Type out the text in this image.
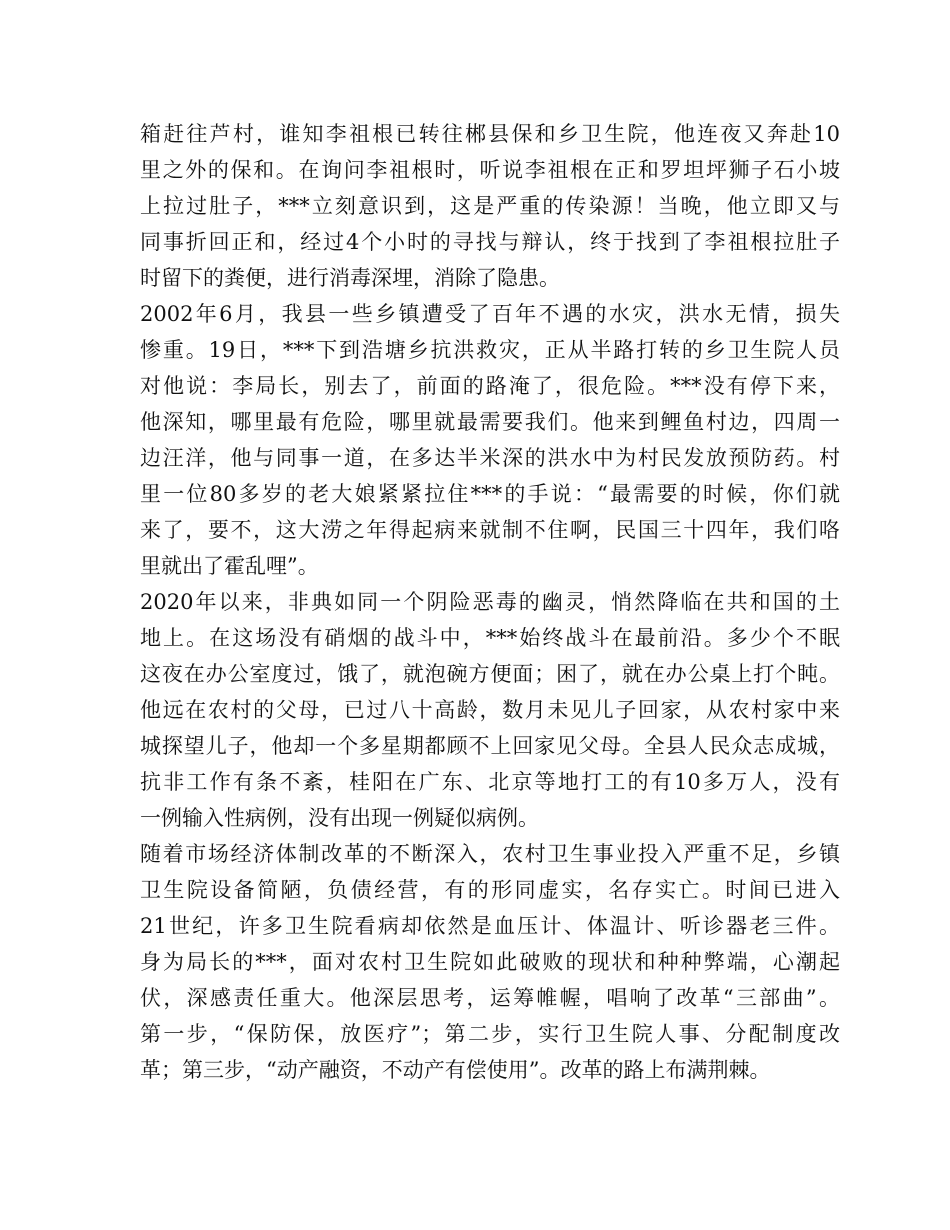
箱赶往芦村，谁知李祖根已转往郴县保和乡卫生院，他连夜又奔赴10
里之外的保和。在询问李祖根时，听说李祖根在正和罗坦坪狮子石小坡
上拉过肚子，***立刻意识到，这是严重的传染源！当晚，他立即又与
同事折回正和，经过4个小时的寻找与辩认，终于找到了李祖根拉肚子
时留下的粪便，进行消毒深埋，消除了隐患。
2002年6月，我县一些乡镇遭受了百年不遇的水灾，洪水无情，损失
惨重。19日，***下到浩塘乡抗洪救灾，正从半路打转的乡卫生院人员
对他说：李局长，别去了，前面的路淹了，很危险。***没有停下来，
他深知，哪里最有危险，哪里就最需要我们。他来到鲤鱼村边，四周一
边汪洋，他与同事一道，在多达半米深的洪水中为村民发放预防药。村
里一位80多岁的老大娘紧紧拉住***的手说：“最需要的时候，你们就
来了，要不，这大涝之年得起病来就制不住啊，民国三十四年，我们咯
里就出了霍乱哩”。
2020年以来，非典如同一个阴险恶毒的幽灵，悄然降临在共和国的土
地上。在这场没有硝烟的战斗中，***始终战斗在最前沿。多少个不眠
这夜在办公室度过，饿了，就泡碗方便面；困了，就在办公桌上打个盹。
他远在农村的父母，已过八十高龄，数月未见儿子回家，从农村家中来
城探望儿子，他却一个多星期都顾不上回家见父母。全县人民众志成城，
抗非工作有条不紊，桂阳在广东、北京等地打工的有10多万人，没有
一例输入性病例，没有出现一例疑似病例。
随着市场经济体制改革的不断深入，农村卫生事业投入严重不足，乡镇
卫生院设备简陋，负债经营，有的形同虚实，名存实亡。时间已进入
21世纪，许多卫生院看病却依然是血压计、体温计、听诊器老三件。
身为局长的***，面对农村卫生院如此破败的现状和种种弊端，心潮起
伏，深感责任重大。他深层思考，运筹帷幄，唱响了改革“三部曲”。
第一步，“保防保，放医疗”；第二步，实行卫生院人事、分配制度改
革；第三步，“动产融资，不动产有偿使用”。改革的路上布满荆棘。
